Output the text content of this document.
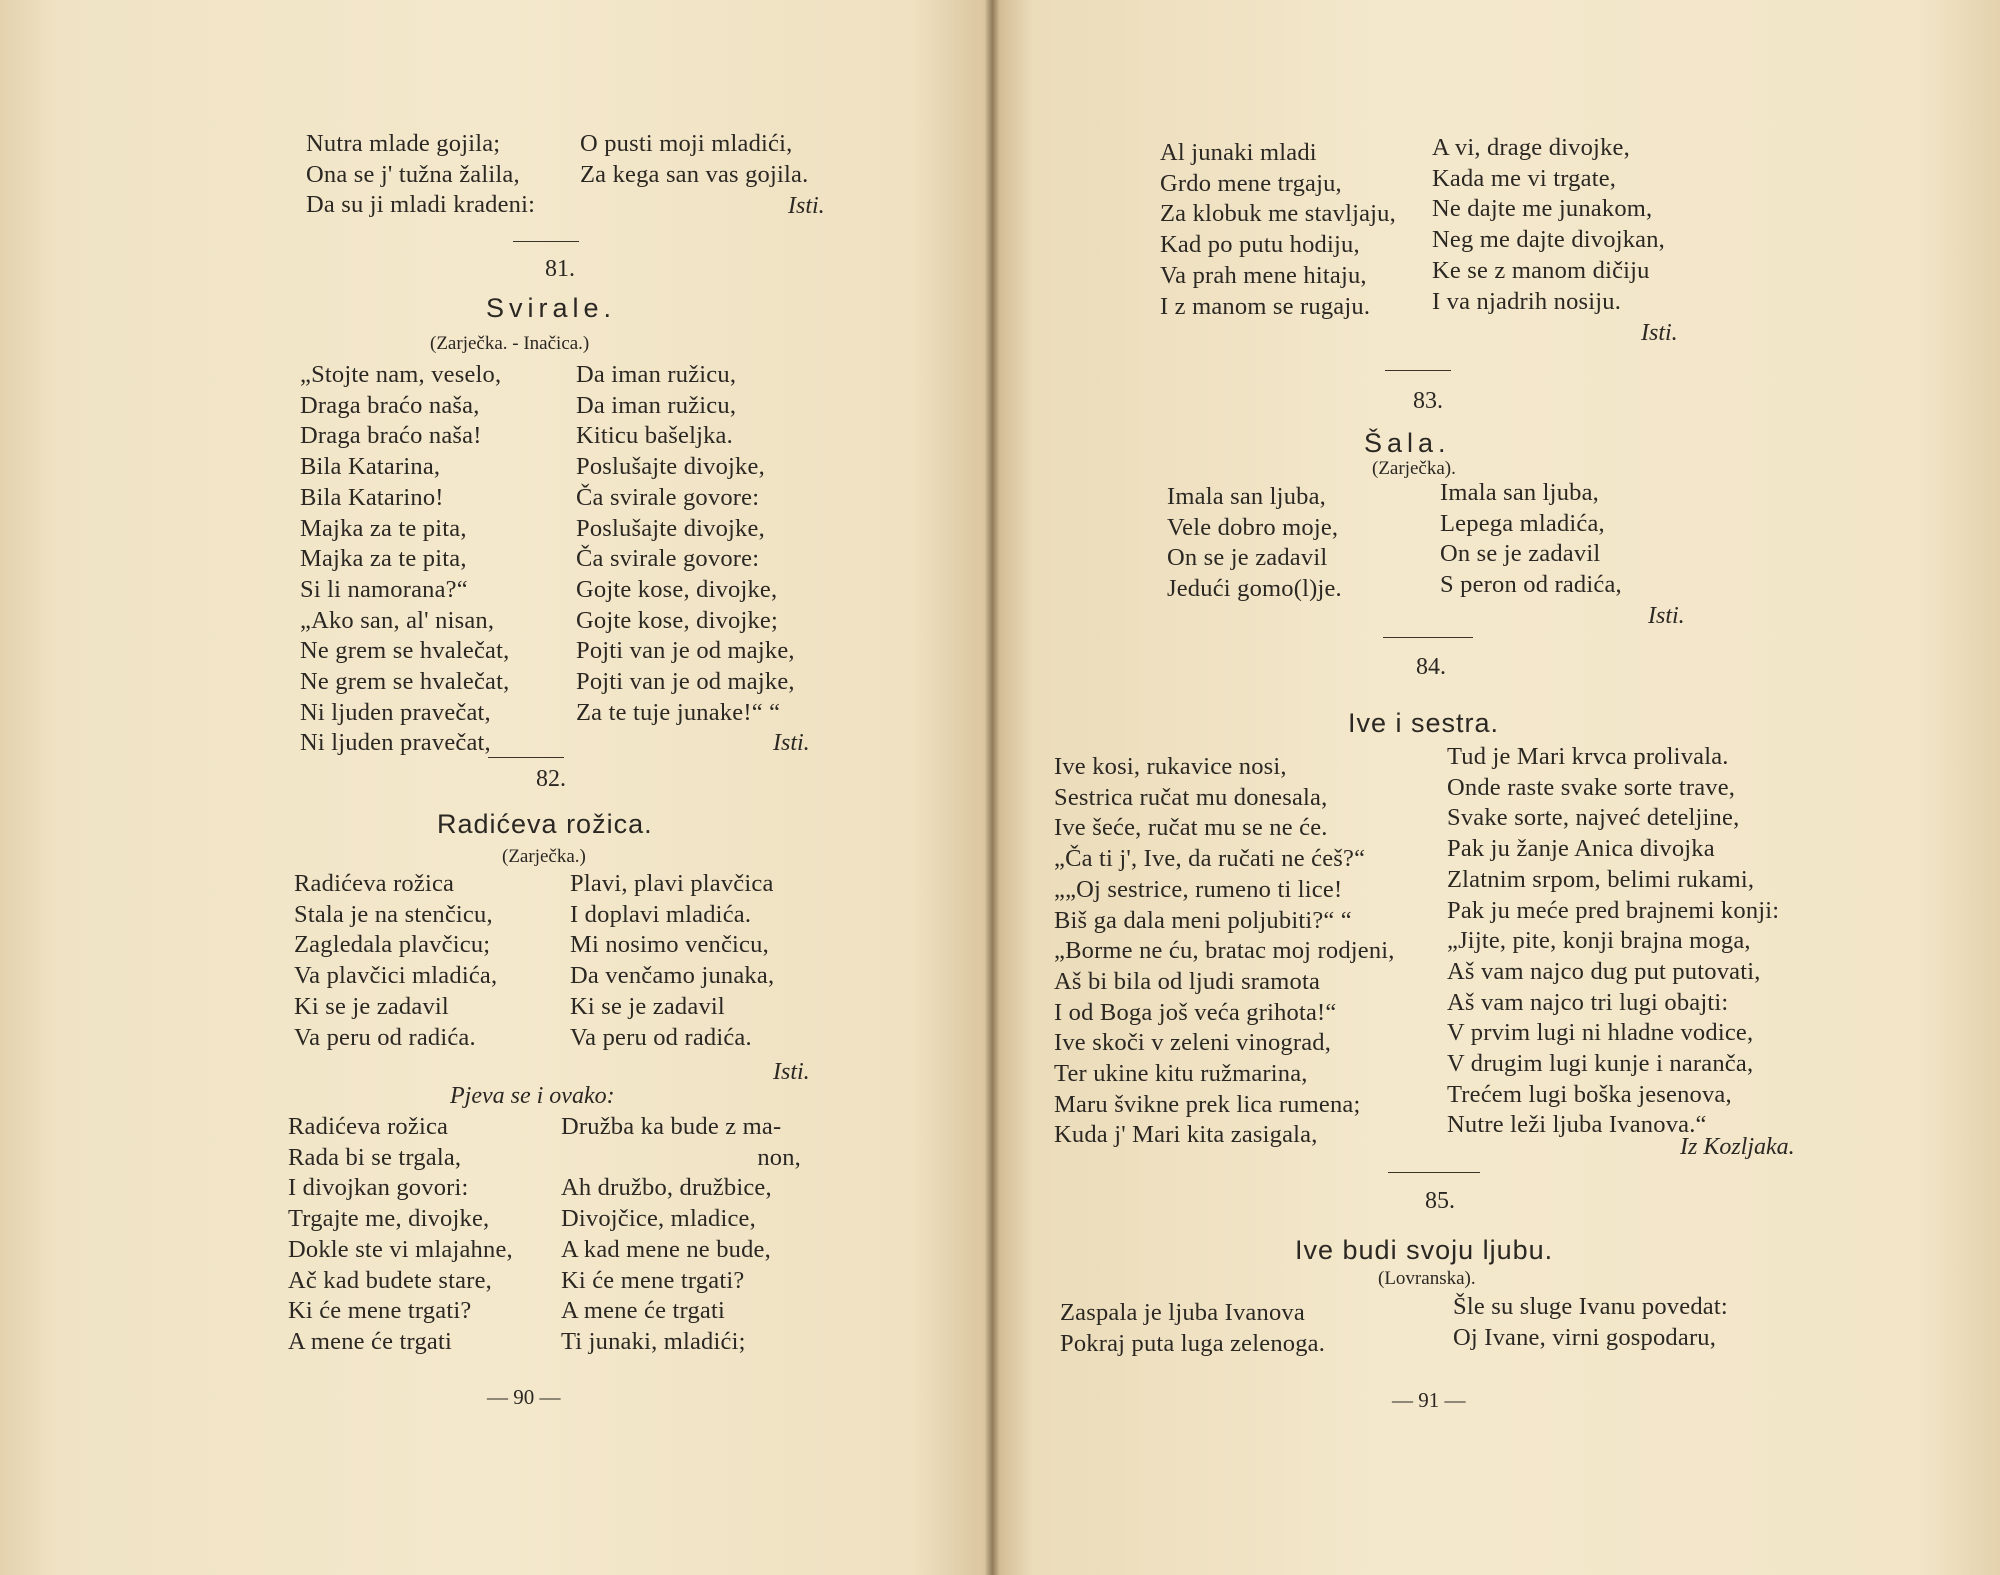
Nutra mlade gojila;
Ona se j' tužna žalila,
Da su ji mladi kradeni:
O pusti moji mladići,
Za kega san vas gojila.
Isti.
81.
Svirale.
(Zarječka. - Inačica.)
„Stojte nam, veselo,
Draga braćo naša,
Draga braćo naša!
Bila Katarina,
Bila Katarino!
Majka za te pita,
Majka za te pita,
Si li namorana?“
„Ako san, al' nisan,
Ne grem se hvalečat,
Ne grem se hvalečat,
Ni ljuden pravečat,
Ni ljuden pravečat,
Da iman ružicu,
Da iman ružicu,
Kiticu bašeljka.
Poslušajte divojke,
Ča svirale govore:
Poslušajte divojke,
Ča svirale govore:
Gojte kose, divojke,
Gojte kose, divojke;
Pojti van je od majke,
Pojti van je od majke,
Za te tuje junake!“ “
Isti.
82.
Radićeva rožica.
(Zarječka.)
Radićeva rožica
Stala je na stenčicu,
Zagledala plavčicu;
Va plavčici mladića,
Ki se je zadavil
Va peru od radića.
Plavi, plavi plavčica
I doplavi mladića.
Mi nosimo venčicu,
Da venčamo junaka,
Ki se je zadavil
Va peru od radića.
Isti.
Pjeva se i ovako:
Radićeva rožica
Rada bi se trgala,
I divojkan govori:
Trgajte me, divojke,
Dokle ste vi mlajahne,
Ač kad budete stare,
Ki će mene trgati?
A mene će trgati
Družba ka bude z ma-
non,
Ah družbo, družbice,
Divojčice, mladice,
A kad mene ne bude,
Ki će mene trgati?
A mene će trgati
Ti junaki, mladići;
— 90 —
Al junaki mladi
Grdo mene trgaju,
Za klobuk me stavljaju,
Kad po putu hodiju,
Va prah mene hitaju,
I z manom se rugaju.
A vi, drage divojke,
Kada me vi trgate,
Ne dajte me junakom,
Neg me dajte divojkan,
Ke se z manom dičiju
I va njadrih nosiju.
Isti.
83.
Šala.
(Zarječka).
Imala san ljuba,
Vele dobro moje,
On se je zadavil
Jedući gomo(l)je.
Imala san ljuba,
Lepega mladića,
On se je zadavil
S peron od radića,
Isti.
84.
Ive i sestra.
Ive kosi, rukavice nosi,
Sestrica ručat mu donesala,
Ive šeće, ručat mu se ne će.
„Ča ti j', Ive, da ručati ne ćeš?“
„„Oj sestrice, rumeno ti lice!
Biš ga dala meni poljubiti?“ “
„Borme ne ću, bratac moj rodjeni,
Aš bi bila od ljudi sramota
I od Boga još veća grihota!“
Ive skoči v zeleni vinograd,
Ter ukine kitu ružmarina,
Maru švikne prek lica rumena;
Kuda j' Mari kita zasigala,
Tud je Mari krvca prolivala.
Onde raste svake sorte trave,
Svake sorte, najveć deteljine,
Pak ju žanje Anica divojka
Zlatnim srpom, belimi rukami,
Pak ju meće pred brajnemi konji:
„Jijte, pite, konji brajna moga,
Aš vam najco dug put putovati,
Aš vam najco tri lugi obajti:
V prvim lugi ni hladne vodice,
V drugim lugi kunje i naranča,
Trećem lugi boška jesenova,
Nutre leži ljuba Ivanova.“
Iz Kozljaka.
85.
Ive budi svoju ljubu.
(Lovranska).
Zaspala je ljuba Ivanova
Pokraj puta luga zelenoga.
Šle su sluge Ivanu povedat:
Oj Ivane, virni gospodaru,
— 91 —
